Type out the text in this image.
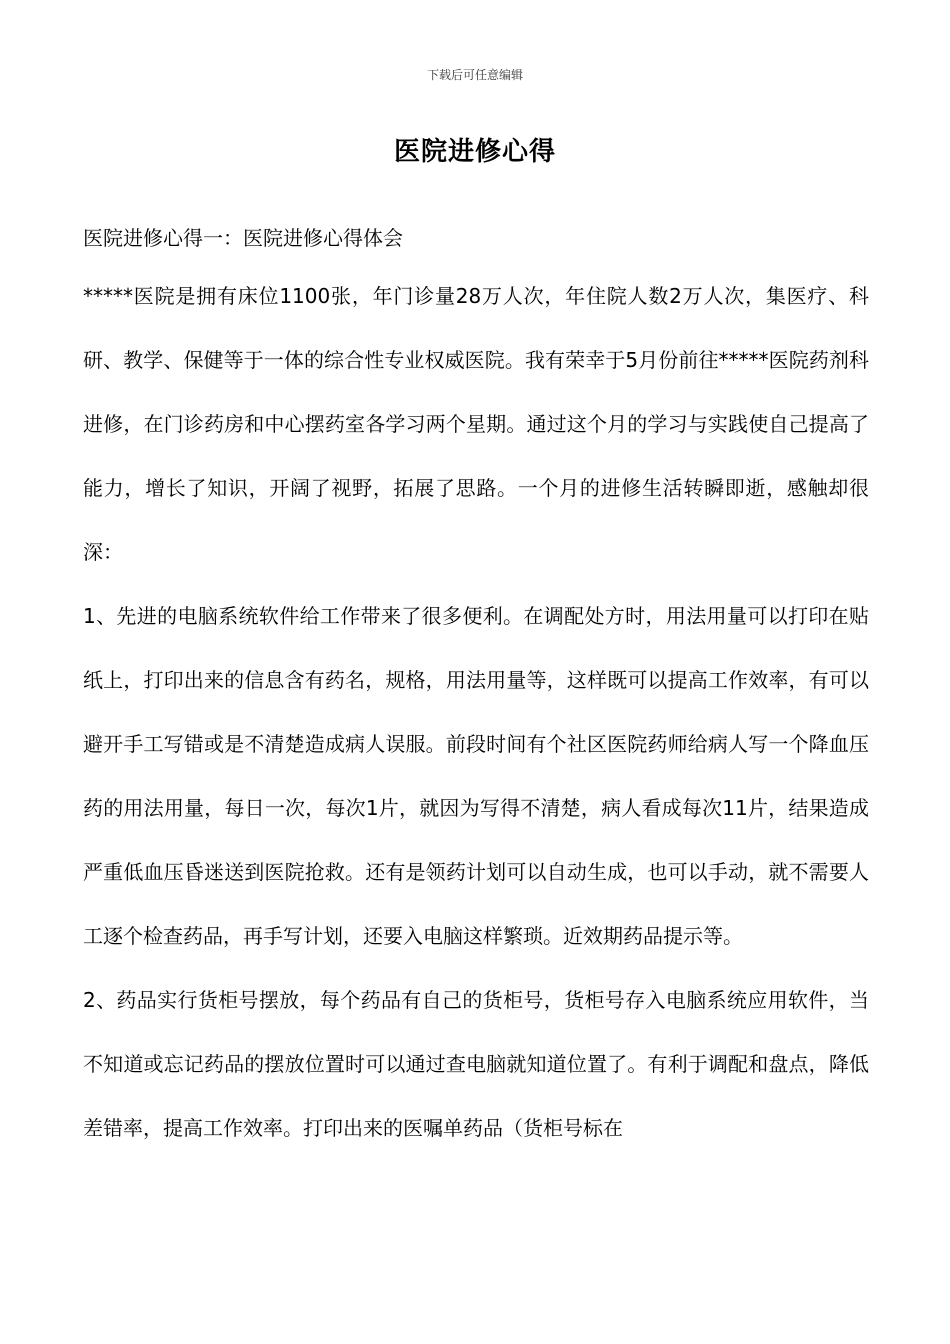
下载后可任意编辑
医院进修心得

医院进修心得一：医院进修心得体会

*****医院是拥有床位1100张，年门诊量28万人次，年住院人数2万人次，集医疗、科研、教学、保健等于一体的综合性专业权威医院。我有荣幸于5月份前往*****医院药剂科进修，在门诊药房和中心摆药室各学习两个星期。通过这个月的学习与实践使自己提高了能力，增长了知识，开阔了视野，拓展了思路。一个月的进修生活转瞬即逝，感触却很深：

1、先进的电脑系统软件给工作带来了很多便利。在调配处方时，用法用量可以打印在贴纸上，打印出来的信息含有药名，规格，用法用量等，这样既可以提高工作效率，有可以避开手工写错或是不清楚造成病人误服。前段时间有个社区医院药师给病人写一个降血压药的用法用量，每日一次，每次1片，就因为写得不清楚，病人看成每次11片，结果造成严重低血压昏迷送到医院抢救。还有是领药计划可以自动生成，也可以手动，就不需要人工逐个检查药品，再手写计划，还要入电脑这样繁琐。近效期药品提示等。

2、药品实行货柜号摆放，每个药品有自己的货柜号，货柜号存入电脑系统应用软件，当不知道或忘记药品的摆放位置时可以通过查电脑就知道位置了。有利于调配和盘点，降低差错率，提高工作效率。打印出来的医嘱单药品（货柜号标在
